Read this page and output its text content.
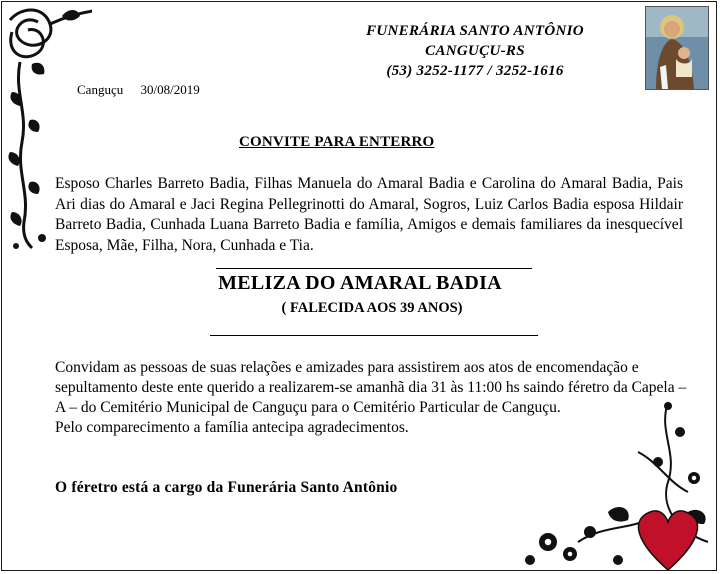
FUNERÁRIA SANTO ANTÔNIO
CANGUÇU-RS
(53) 3252-1177 / 3252-1616
Canguçu 30/08/2019
CONVITE PARA ENTERRO
Esposo Charles Barreto Badia, Filhas Manuela do Amaral Badia e Carolina do Amaral Badia, Pais Ari dias do Amaral e Jaci Regina Pellegrinotti do Amaral, Sogros, Luiz Carlos Badia esposa Hildair Barreto Badia, Cunhada Luana Barreto Badia e família, Amigos e demais familiares da inesquecível Esposa, Mãe, Filha, Nora, Cunhada e Tia.
MELIZA DO AMARAL BADIA
( FALECIDA AOS 39 ANOS)

Convidam as pessoas de suas relações e amizades para assistirem aos atos de encomendação e sepultamento deste ente querido a realizarem-se amanhã dia 31 às 11:00 hs saindo féretro da Capela – A – do Cemitério Municipal de Canguçu para o Cemitério Particular de Canguçu.

Pelo comparecimento a família antecipa agradecimentos.

O féretro está a cargo da Funerária Santo Antônio
